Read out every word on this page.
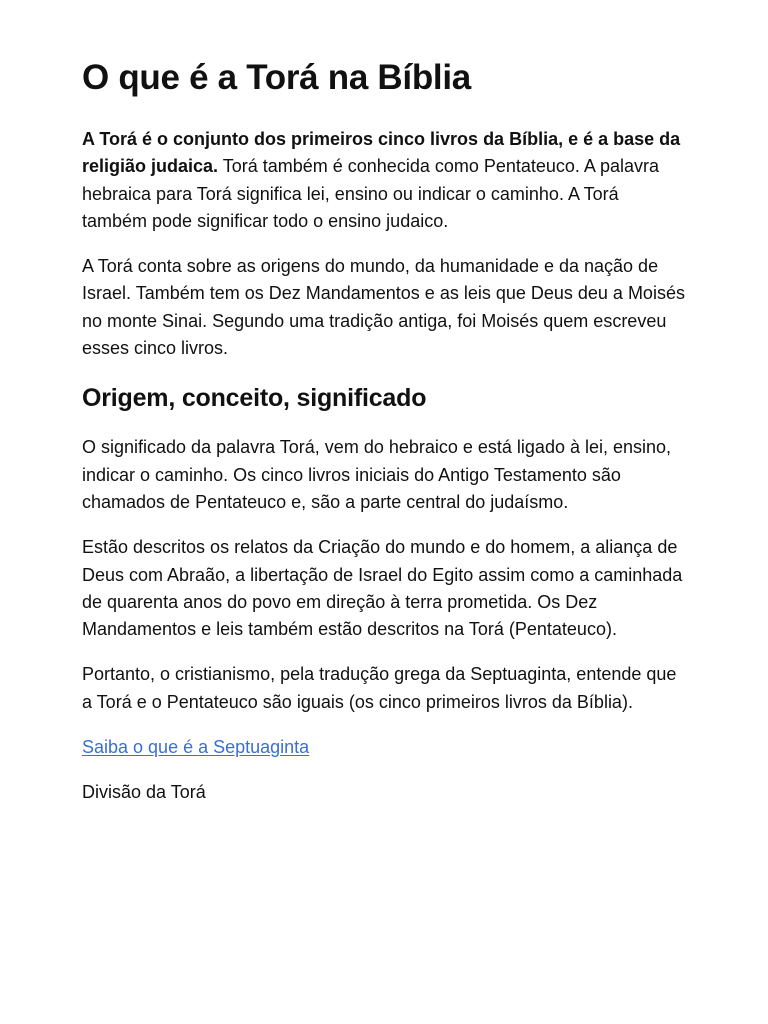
O que é a Torá na Bíblia

A Torá é o conjunto dos primeiros cinco livros da Bíblia, e é a base da religião judaica. Torá também é conhecida como Pentateuco. A palavra hebraica para Torá significa lei, ensino ou indicar o caminho. A Torá também pode significar todo o ensino judaico.

A Torá conta sobre as origens do mundo, da humanidade e da nação de Israel. Também tem os Dez Mandamentos e as leis que Deus deu a Moisés no monte Sinai. Segundo uma tradição antiga, foi Moisés quem escreveu esses cinco livros.

Origem, conceito, significado

O significado da palavra Torá, vem do hebraico e está ligado à lei, ensino, indicar o caminho. Os cinco livros iniciais do Antigo Testamento são chamados de Pentateuco e, são a parte central do judaísmo.

Estão descritos os relatos da Criação do mundo e do homem, a aliança de Deus com Abraão, a libertação de Israel do Egito assim como a caminhada de quarenta anos do povo em direção à terra prometida. Os Dez Mandamentos e leis também estão descritos na Torá (Pentateuco).

Portanto, o cristianismo, pela tradução grega da Septuaginta, entende que a Torá e o Pentateuco são iguais (os cinco primeiros livros da Bíblia).

Saiba o que é a Septuaginta

Divisão da Torá
